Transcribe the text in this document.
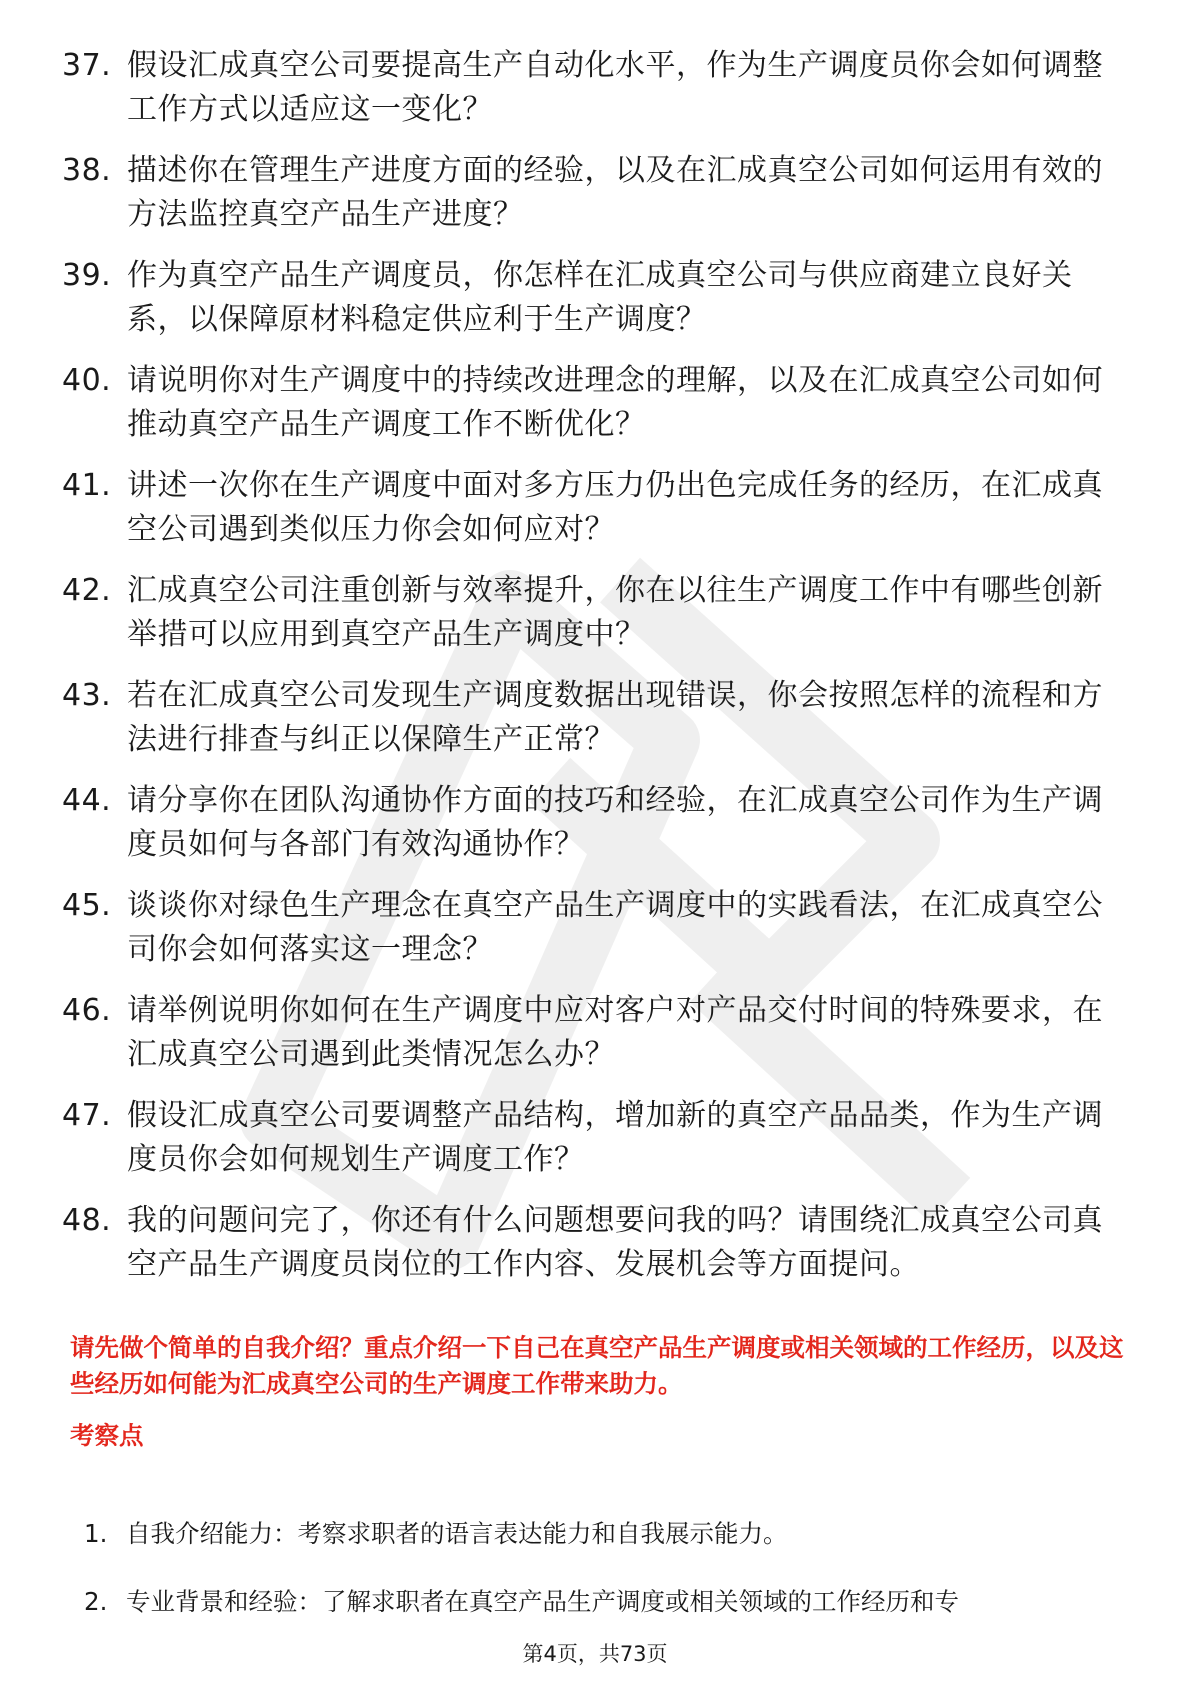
37. 假设汇成真空公司要提高生产自动化水平，作为生产调度员你会如何调整工作方式以适应这一变化？
38. 描述你在管理生产进度方面的经验，以及在汇成真空公司如何运用有效的方法监控真空产品生产进度？
39. 作为真空产品生产调度员，你怎样在汇成真空公司与供应商建立良好关系，以保障原材料稳定供应利于生产调度？
40. 请说明你对生产调度中的持续改进理念的理解，以及在汇成真空公司如何推动真空产品生产调度工作不断优化？
41. 讲述一次你在生产调度中面对多方压力仍出色完成任务的经历，在汇成真空公司遇到类似压力你会如何应对？
42. 汇成真空公司注重创新与效率提升，你在以往生产调度工作中有哪些创新举措可以应用到真空产品生产调度中？
43. 若在汇成真空公司发现生产调度数据出现错误，你会按照怎样的流程和方法进行排查与纠正以保障生产正常？
44. 请分享你在团队沟通协作方面的技巧和经验，在汇成真空公司作为生产调度员如何与各部门有效沟通协作？
45. 谈谈你对绿色生产理念在真空产品生产调度中的实践看法，在汇成真空公司你会如何落实这一理念？
46. 请举例说明你如何在生产调度中应对客户对产品交付时间的特殊要求，在汇成真空公司遇到此类情况怎么办？
47. 假设汇成真空公司要调整产品结构，增加新的真空产品品类，作为生产调度员你会如何规划生产调度工作？
48. 我的问题问完了，你还有什么问题想要问我的吗？请围绕汇成真空公司真空产品生产调度员岗位的工作内容、发展机会等方面提问。
请先做个简单的自我介绍？重点介绍一下自己在真空产品生产调度或相关领域的工作经历，以及这些经历如何能为汇成真空公司的生产调度工作带来助力。
考察点
1. 自我介绍能力：考察求职者的语言表达能力和自我展示能力。
2. 专业背景和经验：了解求职者在真空产品生产调度或相关领域的工作经历和专
第4页，共73页
